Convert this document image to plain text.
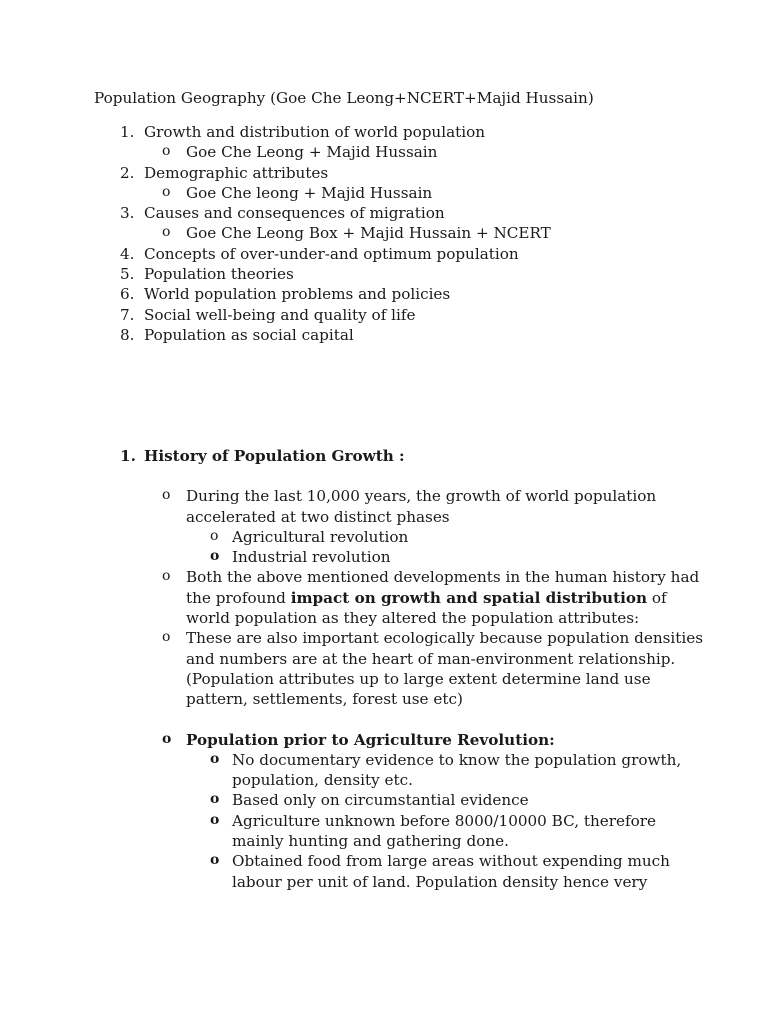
Population Geography (Goe Che Leong+NCERT+Majid Hussain)
1. Growth and distribution of world population
o Goe Che Leong + Majid Hussain
2. Demographic attributes
o Goe Che leong + Majid Hussain
3. Causes and consequences of migration
o Goe Che Leong Box + Majid Hussain + NCERT
4. Concepts of over-under-and optimum population
5. Population theories
6. World population problems and policies
7. Social well-being and quality of life
8. Population as social capital
1. History of Population Growth :
o During the last 10,000 years, the growth of world population accelerated at two distinct phases
o Agricultural revolution
o Industrial revolution
o Both the above mentioned developments in the human history had the profound impact on growth and spatial distribution of world population as they altered the population attributes:
o These are also important ecologically because population densities and numbers are at the heart of man-environment relationship. (Population attributes up to large extent determine land use pattern, settlements, forest use etc)
o Population prior to Agriculture Revolution:
o No documentary evidence to know the population growth, population, density etc.
o Based only on circumstantial evidence
o Agriculture unknown before 8000/10000 BC, therefore mainly hunting and gathering done.
o Obtained food from large areas without expending much labour per unit of land. Population density hence very
